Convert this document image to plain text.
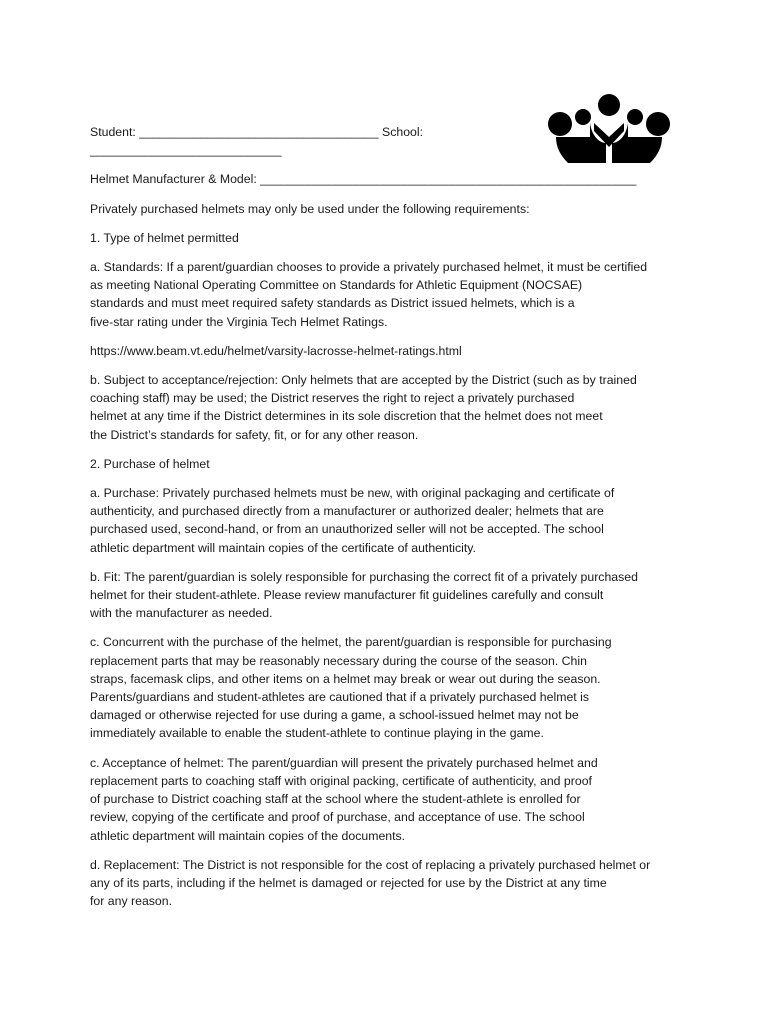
Student: ___________________________________ School:

____________________________

Helmet Manufacturer & Model: _______________________________________________________

Privately purchased helmets may only be used under the following requirements:

1. Type of helmet permitted

a. Standards: If a parent/guardian chooses to provide a privately purchased helmet, it must be certified
as meeting National Operating Committee on Standards for Athletic Equipment (NOCSAE)
standards and must meet required safety standards as District issued helmets, which is a
five-star rating under the Virginia Tech Helmet Ratings.

https://www.beam.vt.edu/helmet/varsity-lacrosse-helmet-ratings.html

b. Subject to acceptance/rejection: Only helmets that are accepted by the District (such as by trained
coaching staff) may be used; the District reserves the right to reject a privately purchased
helmet at any time if the District determines in its sole discretion that the helmet does not meet
the District’s standards for safety, fit, or for any other reason.

2. Purchase of helmet

a. Purchase: Privately purchased helmets must be new, with original packaging and certificate of
authenticity, and purchased directly from a manufacturer or authorized dealer; helmets that are
purchased used, second-hand, or from an unauthorized seller will not be accepted. The school
athletic department will maintain copies of the certificate of authenticity.
b. Fit: The parent/guardian is solely responsible for purchasing the correct fit of a privately purchased
helmet for their student-athlete. Please review manufacturer fit guidelines carefully and consult
with the manufacturer as needed.
c. Concurrent with the purchase of the helmet, the parent/guardian is responsible for purchasing
replacement parts that may be reasonably necessary during the course of the season. Chin
straps, facemask clips, and other items on a helmet may break or wear out during the season.
Parents/guardians and student-athletes are cautioned that if a privately purchased helmet is
damaged or otherwise rejected for use during a game, a school-issued helmet may not be
immediately available to enable the student-athlete to continue playing in the game.
c. Acceptance of helmet: The parent/guardian will present the privately purchased helmet and
replacement parts to coaching staff with original packing, certificate of authenticity, and proof
of purchase to District coaching staff at the school where the student-athlete is enrolled for
review, copying of the certificate and proof of purchase, and acceptance of use. The school
athletic department will maintain copies of the documents.
d. Replacement: The District is not responsible for the cost of replacing a privately purchased helmet or
any of its parts, including if the helmet is damaged or rejected for use by the District at any time
for any reason.
